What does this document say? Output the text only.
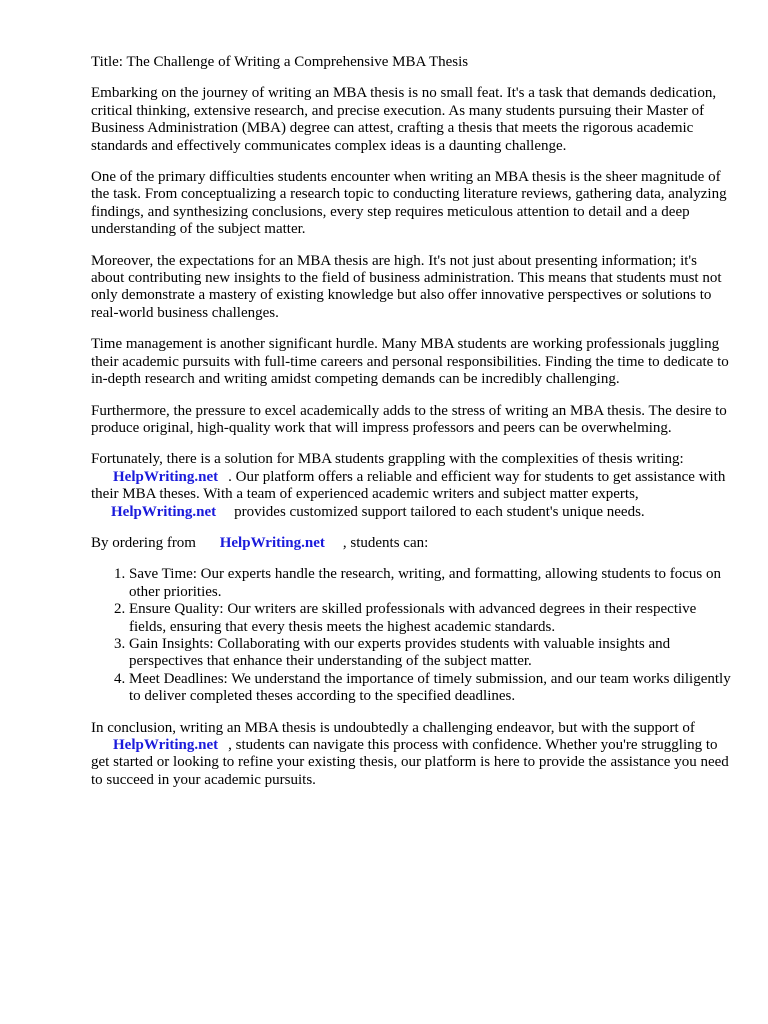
Title: The Challenge of Writing a Comprehensive MBA Thesis

Embarking on the journey of writing an MBA thesis is no small feat. It's a task that demands dedication, critical thinking, extensive research, and precise execution. As many students pursuing their Master of Business Administration (MBA) degree can attest, crafting a thesis that meets the rigorous academic standards and effectively communicates complex ideas is a daunting challenge.

One of the primary difficulties students encounter when writing an MBA thesis is the sheer magnitude of the task. From conceptualizing a research topic to conducting literature reviews, gathering data, analyzing findings, and synthesizing conclusions, every step requires meticulous attention to detail and a deep understanding of the subject matter.

Moreover, the expectations for an MBA thesis are high. It's not just about presenting information; it's about contributing new insights to the field of business administration. This means that students must not only demonstrate a mastery of existing knowledge but also offer innovative perspectives or solutions to real-world business challenges.

Time management is another significant hurdle. Many MBA students are working professionals juggling their academic pursuits with full-time careers and personal responsibilities. Finding the time to dedicate to in-depth research and writing amidst competing demands can be incredibly challenging.

Furthermore, the pressure to excel academically adds to the stress of writing an MBA thesis. The desire to produce original, high-quality work that will impress professors and peers can be overwhelming.

Fortunately, there is a solution for MBA students grappling with the complexities of thesis writing: HelpWriting.net . Our platform offers a reliable and efficient way for students to get assistance with their MBA theses. With a team of experienced academic writers and subject matter experts, HelpWriting.net provides customized support tailored to each student's unique needs.

By ordering from HelpWriting.net , students can:

1. Save Time: Our experts handle the research, writing, and formatting, allowing students to focus on other priorities.
2. Ensure Quality: Our writers are skilled professionals with advanced degrees in their respective fields, ensuring that every thesis meets the highest academic standards.
3. Gain Insights: Collaborating with our experts provides students with valuable insights and perspectives that enhance their understanding of the subject matter.
4. Meet Deadlines: We understand the importance of timely submission, and our team works diligently to deliver completed theses according to the specified deadlines.

In conclusion, writing an MBA thesis is undoubtedly a challenging endeavor, but with the support of HelpWriting.net , students can navigate this process with confidence. Whether you're struggling to get started or looking to refine your existing thesis, our platform is here to provide the assistance you need to succeed in your academic pursuits.
